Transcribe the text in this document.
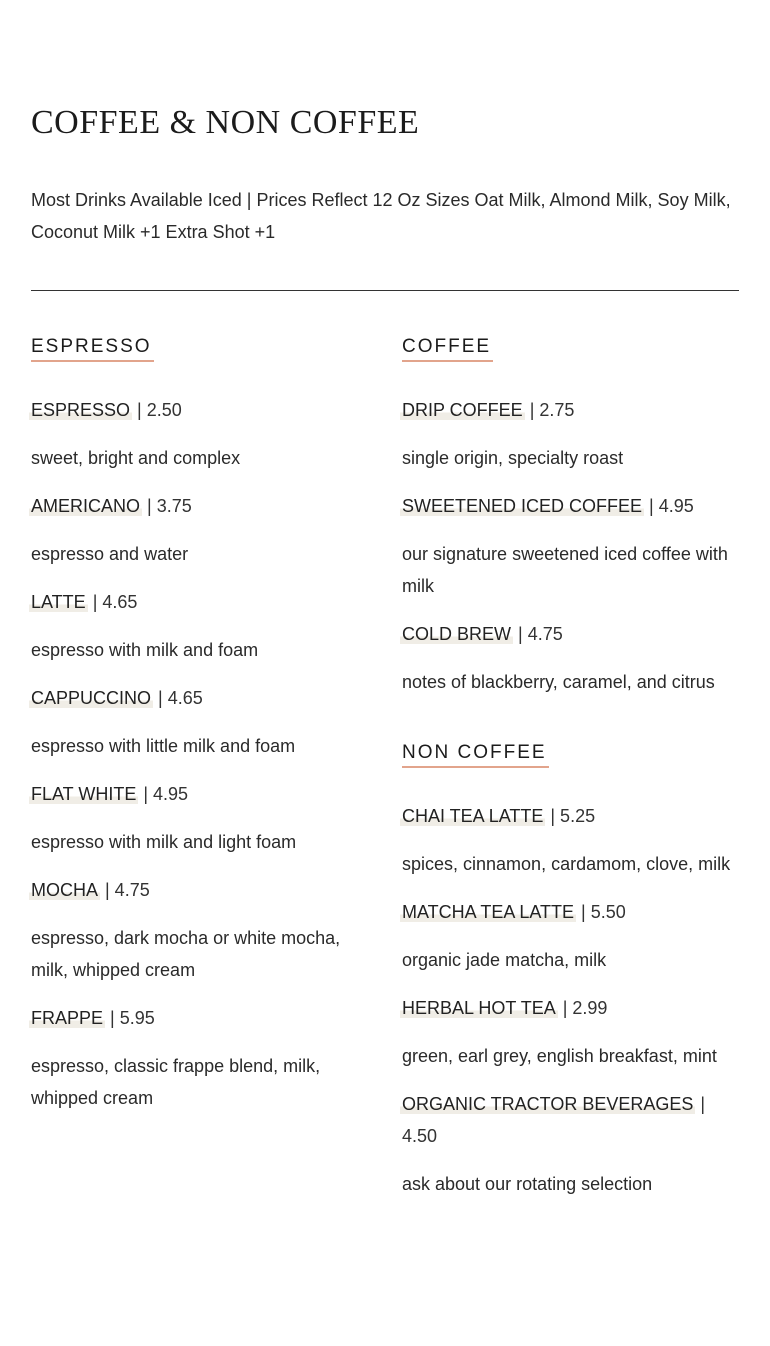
COFFEE & NON COFFEE

Most Drinks Available Iced | Prices Reflect 12 Oz Sizes Oat Milk, Almond Milk, Soy Milk, Coconut Milk +1 Extra Shot +1

ESPRESSO

ESPRESSO | 2.50

sweet, bright and complex

AMERICANO | 3.75

espresso and water

LATTE | 4.65

espresso with milk and foam

CAPPUCCINO | 4.65

espresso with little milk and foam

FLAT WHITE | 4.95

espresso with milk and light foam

MOCHA | 4.75

espresso, dark mocha or white mocha, milk, whipped cream

FRAPPE | 5.95

espresso, classic frappe blend, milk, whipped cream

COFFEE

DRIP COFFEE | 2.75

single origin, specialty roast

SWEETENED ICED COFFEE | 4.95

our signature sweetened iced coffee with milk

COLD BREW | 4.75

notes of blackberry, caramel, and citrus

NON COFFEE

CHAI TEA LATTE | 5.25

spices, cinnamon, cardamom, clove, milk

MATCHA TEA LATTE | 5.50

organic jade matcha, milk

HERBAL HOT TEA | 2.99

green, earl grey, english breakfast, mint

ORGANIC TRACTOR BEVERAGES | 4.50

ask about our rotating selection
